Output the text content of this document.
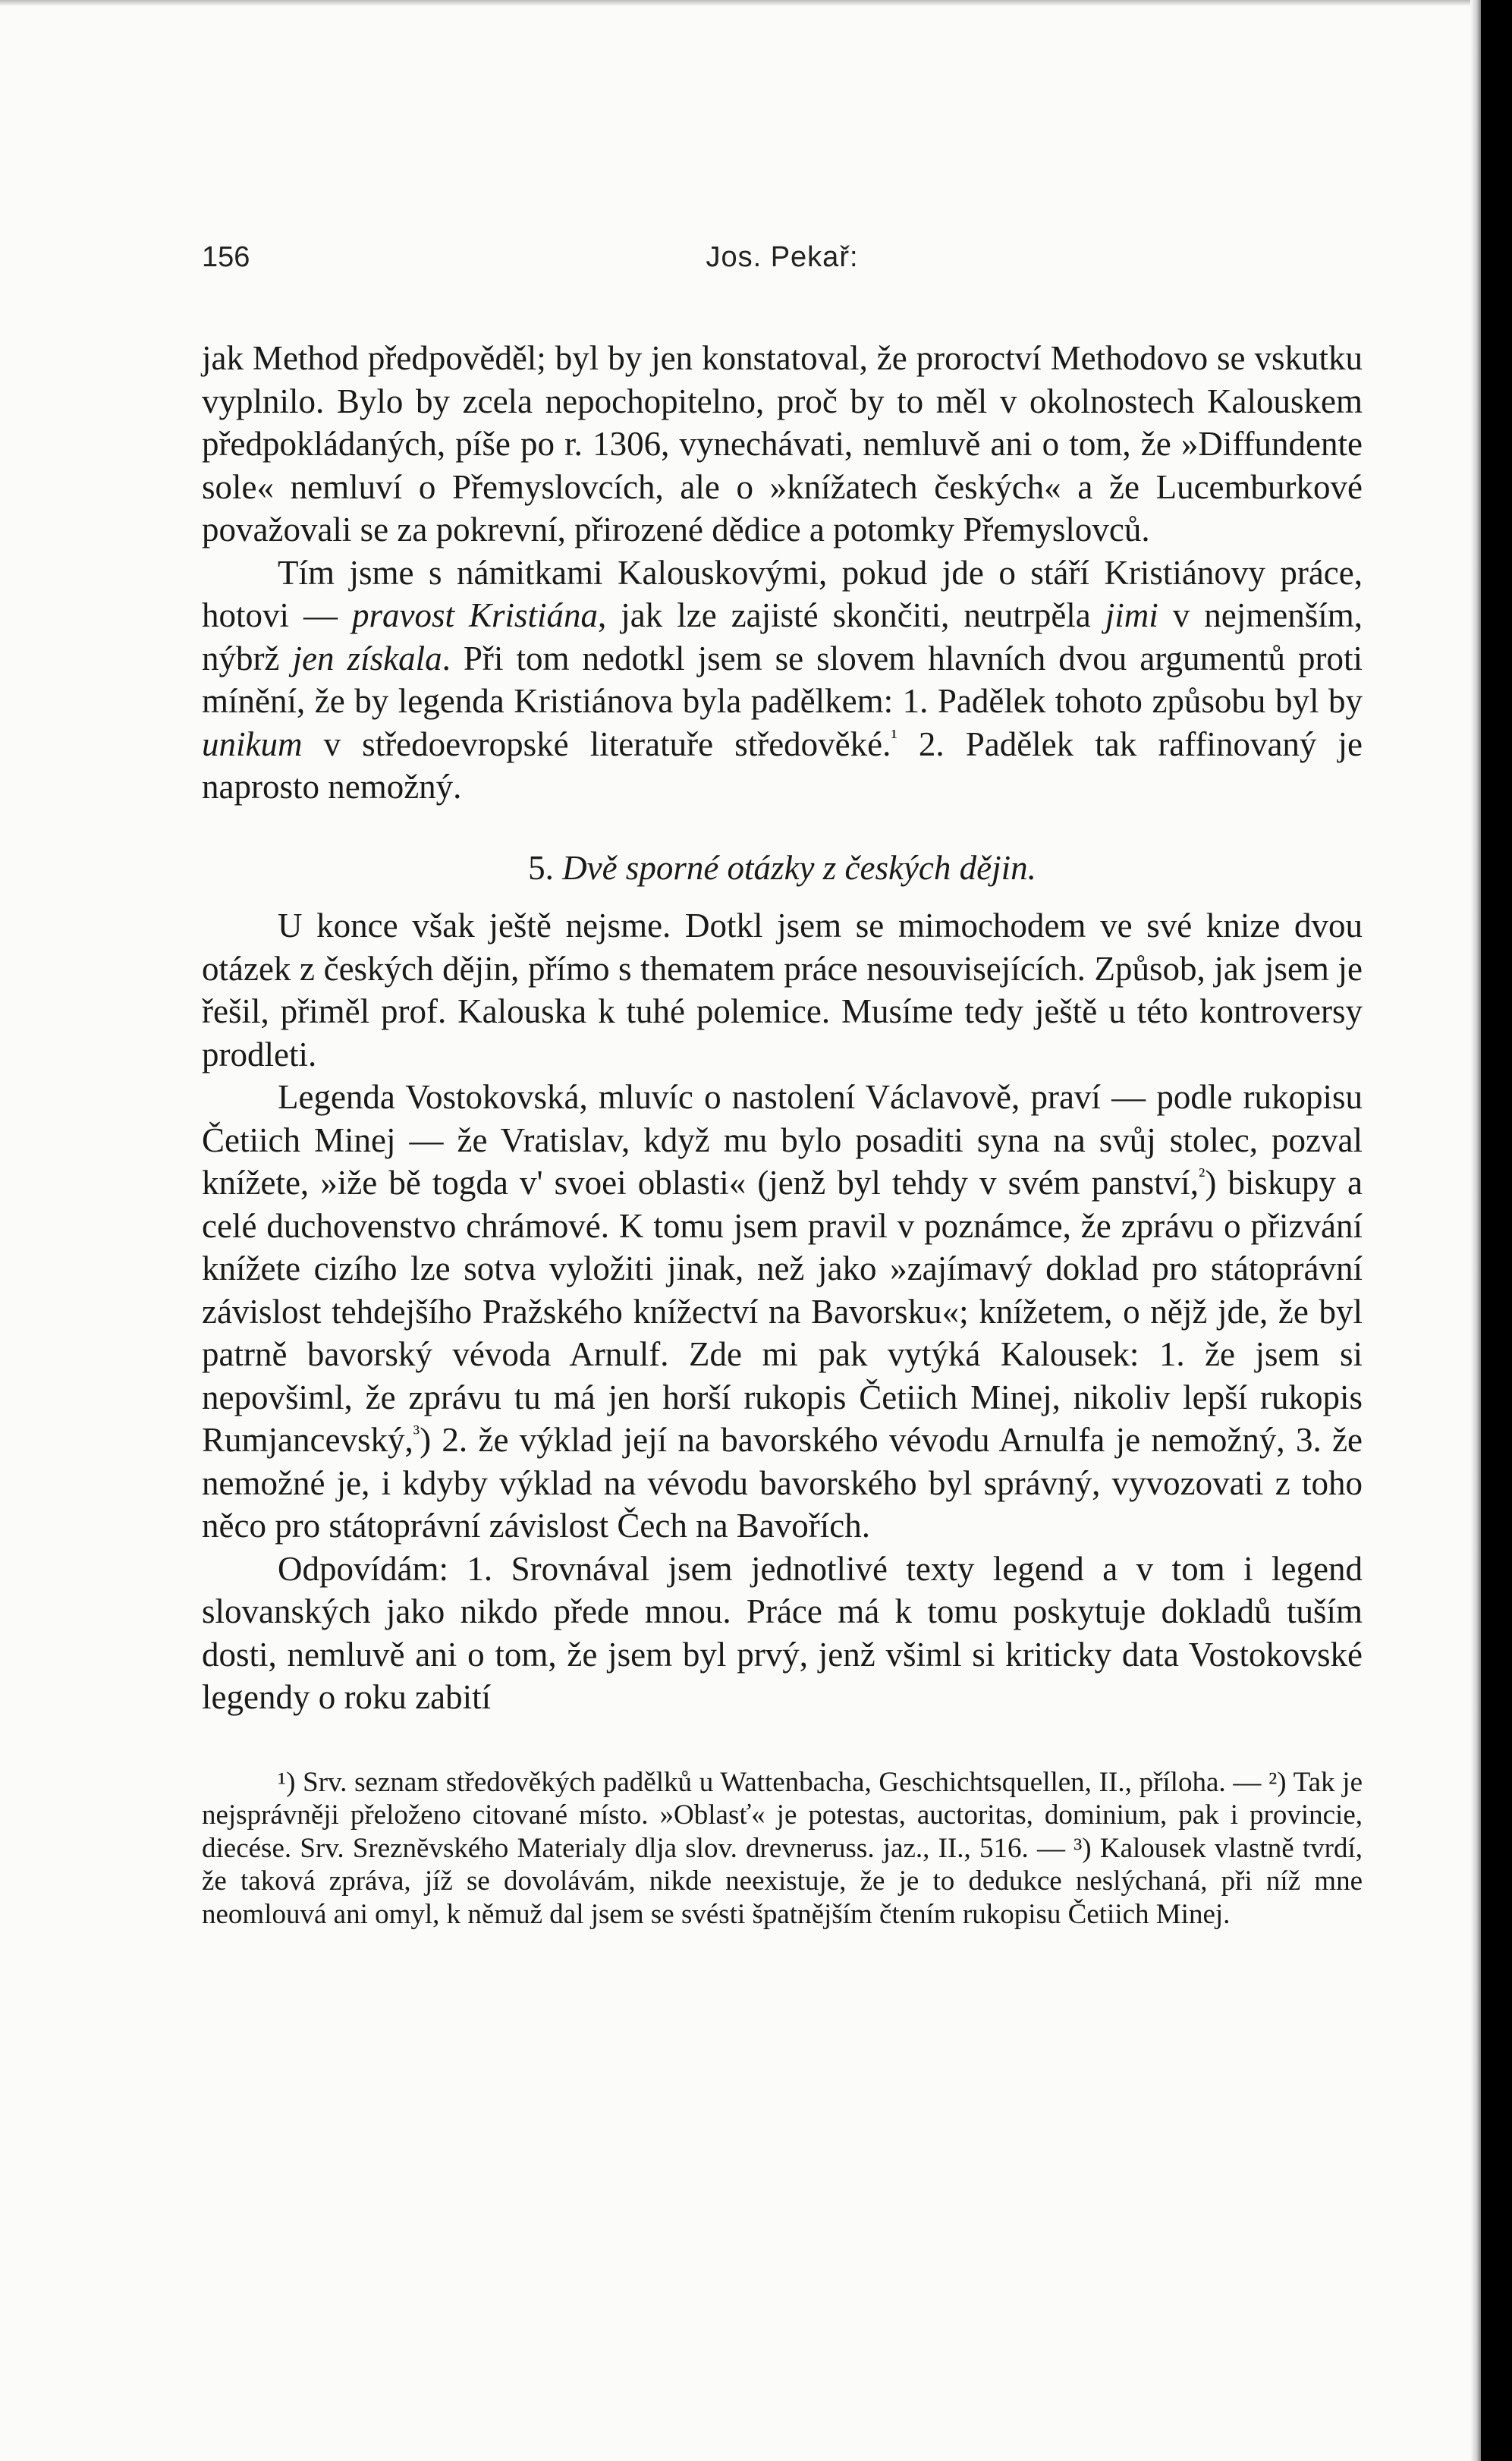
156	Jos. Pekař:

jak Method předpověděl; byl by jen konstatoval, že proroctví Methodovo se vskutku vyplnilo. Bylo by zcela nepochopitelno, proč by to měl v okolnostech Kalouskem předpokládaných, píše po r. 1306, vynechávati, nemluvě ani o tom, že »Diffundente sole« nemluví o Přemyslovcích, ale o »knížatech českých« a že Lucemburkové považovali se za pokrevní, přirozené dědice a potomky Přemyslovců.

Tím jsme s námitkami Kalouskovými, pokud jde o stáří Kristiánovy práce, hotovi — pravost Kristiána, jak lze zajisté skončiti, neutrpěla jimi v nejmenším, nýbrž jen získala. Při tom nedotkl jsem se slovem hlavních dvou argumentů proti mínění, že by legenda Kristiánova byla padělkem: 1. Padělek tohoto způsobu byl by unikum v středoevropské literatuře středověké.$^{^1}$ 2. Padělek tak raffinovaný je naprosto nemožný.

5. Dvě sporné otázky z českých dějin.

U konce však ještě nejsme. Dotkl jsem se mimochodem ve své knize dvou otázek z českých dějin, přímo s thematem práce nesouvisejících. Způsob, jak jsem je řešil, přiměl prof. Kalouska k tuhé polemice. Musíme tedy ještě u této kontroversy prodleti.

Legenda Vostokovská, mluvíc o nastolení Václavově, praví — podle rukopisu Četiich Minej — že Vratislav, když mu bylo posaditi syna na svůj stolec, pozval knížete, »iže bě togda v' svoei oblasti« (jenž byl tehdy v svém panství,$^{^2}$) biskupy a celé duchovenstvo chrámové. K tomu jsem pravil v poznámce, že zprávu o přizvání knížete cizího lze sotva vyložiti jinak, než jako »zajímavý doklad pro státoprávní závislost tehdejšího Pražského knížectví na Bavorsku«; knížetem, o nějž jde, že byl patrně bavorský vévoda Arnulf. Zde mi pak vytýká Kalousek: 1. že jsem si nepovšiml, že zprávu tu má jen horší rukopis Četiich Minej, nikoliv lepší rukopis Rumjancevský,$^{^3}$) 2. že výklad její na bavorského vévodu Arnulfa je nemožný, 3. že nemožné je, i kdyby výklad na vévodu bavorského byl správný, vyvozovati z toho něco pro státoprávní závislost Čech na Bavořích.

Odpovídám: 1. Srovnával jsem jednotlivé texty legend a v tom i legend slovanských jako nikdo přede mnou. Práce má k tomu poskytuje dokladů tuším dosti, nemluvě ani o tom, že jsem byl prvý, jenž všiml si kriticky data Vostokovské legendy o roku zabití

¹) Srv. seznam středověkých padělků u Wattenbacha, Geschichtsquellen, II., příloha. — ²) Tak je nejsprávněji přeloženo citované místo. »Oblasť« je potestas, auctoritas, dominium, pak i provincie, diecése. Srv. Sreznĕvského Materialy dlja slov. drevneruss. jaz., II., 516. — ³) Kalousek vlastně tvrdí, že taková zpráva, jíž se dovolávám, nikde neexistuje, že je to dedukce neslýchaná, při níž mne neomlouvá ani omyl, k němuž dal jsem se svésti špatnějším čtením rukopisu Četiich Minej.
